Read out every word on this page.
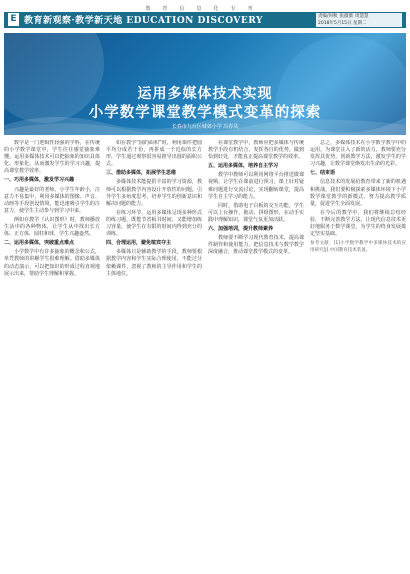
教育信息化专刊
E 教育新观察·教学新天地 EDUCATION DISCOVERY	责编/何秋 张薇薇 周慧慧
2018年5月15日 星期二
运用多媒体技术实现
小学数学课堂教学模式变革的探索
长春市九台区城郊小学 冯春凤

数学是一门逻辑性较强的学科，在传统的小学数学课堂中，学生往往感觉抽象难懂。运用多媒体技术可以把抽象的知识具体化、形象化，从而激发学生的学习兴趣，提高课堂教学效率。

一、巧用多媒体，激发学习兴趣

兴趣是最好的老师。小学生年龄小，注意力不易集中，利用多媒体的图像、声音、动画等手段创设情境，能迅速吸引学生的注意力，使学生主动参与到学习中来。

例如在教学《认识图形》时，教师播放生活中的各种物体，让学生从中找出长方体、正方体、圆柱和球，学生兴趣盎然。

二、运用多媒体，突破重点难点

小学数学中有许多抽象的概念和公式，单凭教师的讲解学生很难理解。借助多媒体的动态演示，可以把知识的形成过程直观地展示出来，帮助学生理解和掌握。

如在教学“圆的面积”时，利用课件把圆平均分成若干份，再拼成一个近似的长方形，学生通过观察很容易推导出圆的面积公式。

三、借助多媒体，拓展学生思维

多媒体技术能提供丰富的学习资源，教师可以根据教学内容设计开放性的问题，引导学生多角度思考，培养学生的创新意识和解决问题的能力。

在练习环节，运用多媒体呈现多种形式的练习题，既能节省板书时间，又能增加练习容量，使学生在有限的时间内得到充分的训练。

四、合理运用，避免喧宾夺主

多媒体只是辅助教学的手段，教师要根据教学内容和学生实际合理使用，不能过分依赖课件，忽视了教师的主导作用和学生的主体地位。

在课堂教学中，教师应把多媒体与传统教学手段有机结合，发挥各自的优势，做到恰到好处，才能真正提高课堂教学的效率。

五、运用多媒体，培养自主学习

教学中教师可以利用网络平台推送微课视频，让学生在课前进行预习，课上针对疑难问题进行交流讨论，实现翻转课堂，提高学生自主学习的能力。

同时，借助电子白板的交互功能，学生可以上台操作，拖动、拼组图形，在动手实践中理解知识，课堂气氛更加活跃。

六、加强培训，提升教师素养

教师要不断学习现代教育技术，提高课件制作和使用能力，把信息技术与数学教学深度融合，推动课堂教学模式的变革。

总之，多媒体技术在小学数学教学中的运用，为课堂注入了新的活力。教师要充分发挥其优势，创新教学方法，激发学生的学习兴趣，让数学课堂焕发出生命的光彩。

七、结束语

信息技术的发展给教育带来了新的机遇和挑战，我们要积极探索多媒体环境下小学数学课堂教学的新模式，努力提高教学质量，促进学生全面发展。

在今后的教学中，我们将继续总结经验，不断完善教学方法，让现代信息技术更好地服务于数学课堂，为学生的终身发展奠定坚实基础。

参考文献：[1]小学数学教学中多媒体技术的应用研究[J].中国教育技术装备。
